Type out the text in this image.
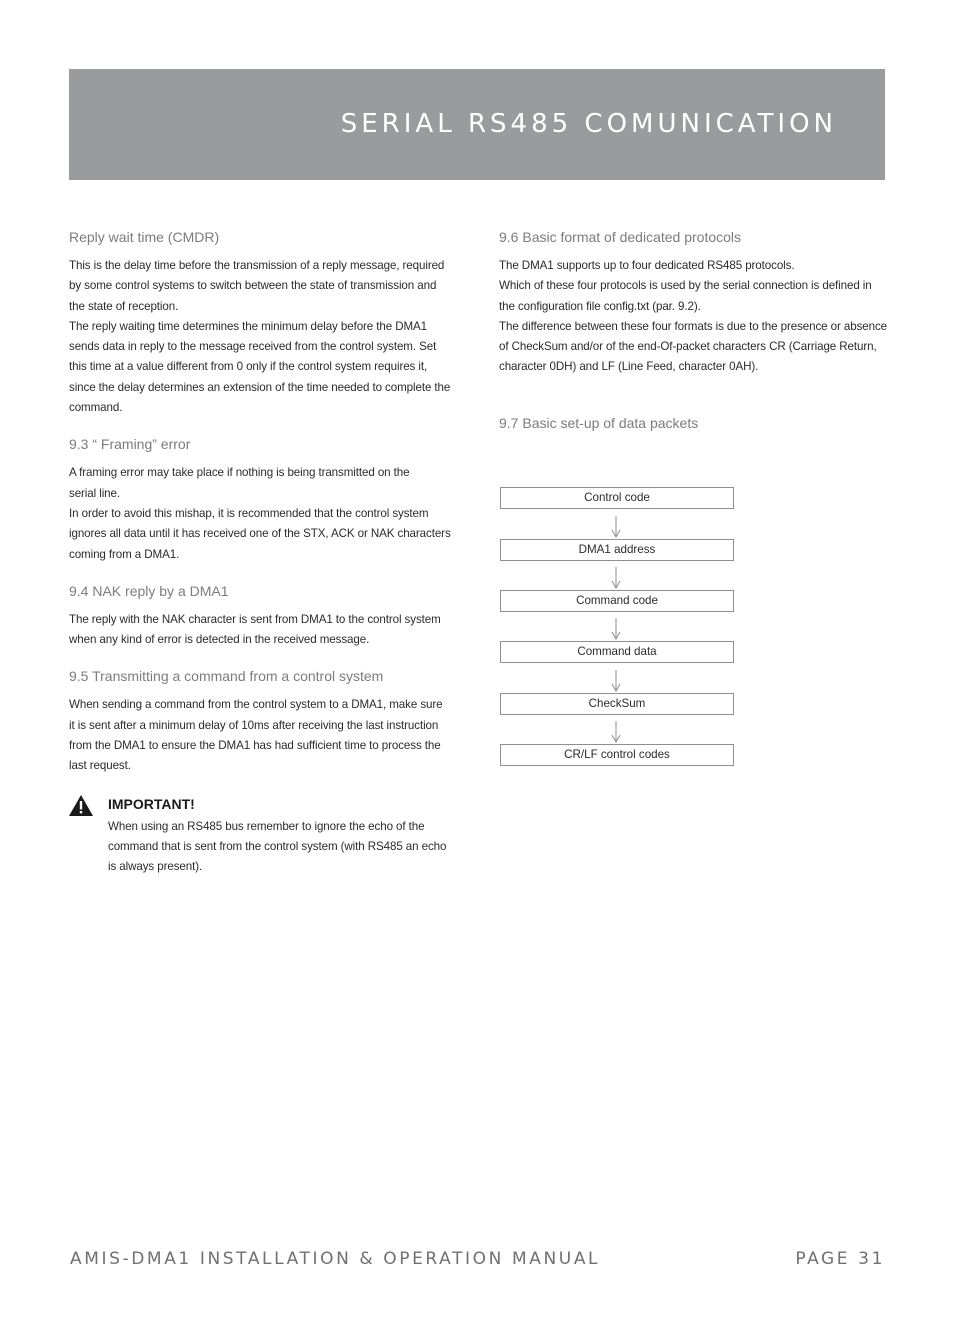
SERIAL RS485 COMUNICATION
Reply wait time (CMDR)

This is the delay time before the transmission of a reply message, required
by some control systems to switch between the state of transmission and
the state of reception.
The reply waiting time determines the minimum delay before the DMA1
sends data in reply to the message received from the control system. Set
this time at a value different from 0 only if the control system requires it,
since the delay determines an extension of the time needed to complete the
command.

9.3 “ Framing” error

A framing error may take place if nothing is being transmitted on the
serial line.
In order to avoid this mishap, it is recommended that the control system
ignores all data until it has received one of the STX, ACK or NAK characters
coming from a DMA1.

9.4 NAK reply by a DMA1

The reply with the NAK character is sent from DMA1 to the control system
when any kind of error is detected in the received message.

9.5 Transmitting a command from a control system

When sending a command from the control system to a DMA1, make sure
it is sent after a minimum delay of 10ms after receiving the last instruction
from the DMA1 to ensure the DMA1 has had sufficient time to process the
last request.

IMPORTANT!

When using an RS485 bus remember to ignore the echo of the
command that is sent from the control system (with RS485 an echo
is always present).

9.6 Basic format of dedicated protocols

The DMA1 supports up to four dedicated RS485 protocols.
Which of these four protocols is used by the serial connection is defined in
the configuration file config.txt (par. 9.2).
The difference between these four formats is due to the presence or absence
of CheckSum and/or of the end-Of-packet characters CR (Carriage Return,
character 0DH) and LF (Line Feed, character 0AH).

9.7 Basic set-up of data packets
Control code
DMA1 address
Command code
Command data
CheckSum
CR/LF control codes
AMIS-DMA1 INSTALLATION & OPERATION MANUAL	PAGE 31
